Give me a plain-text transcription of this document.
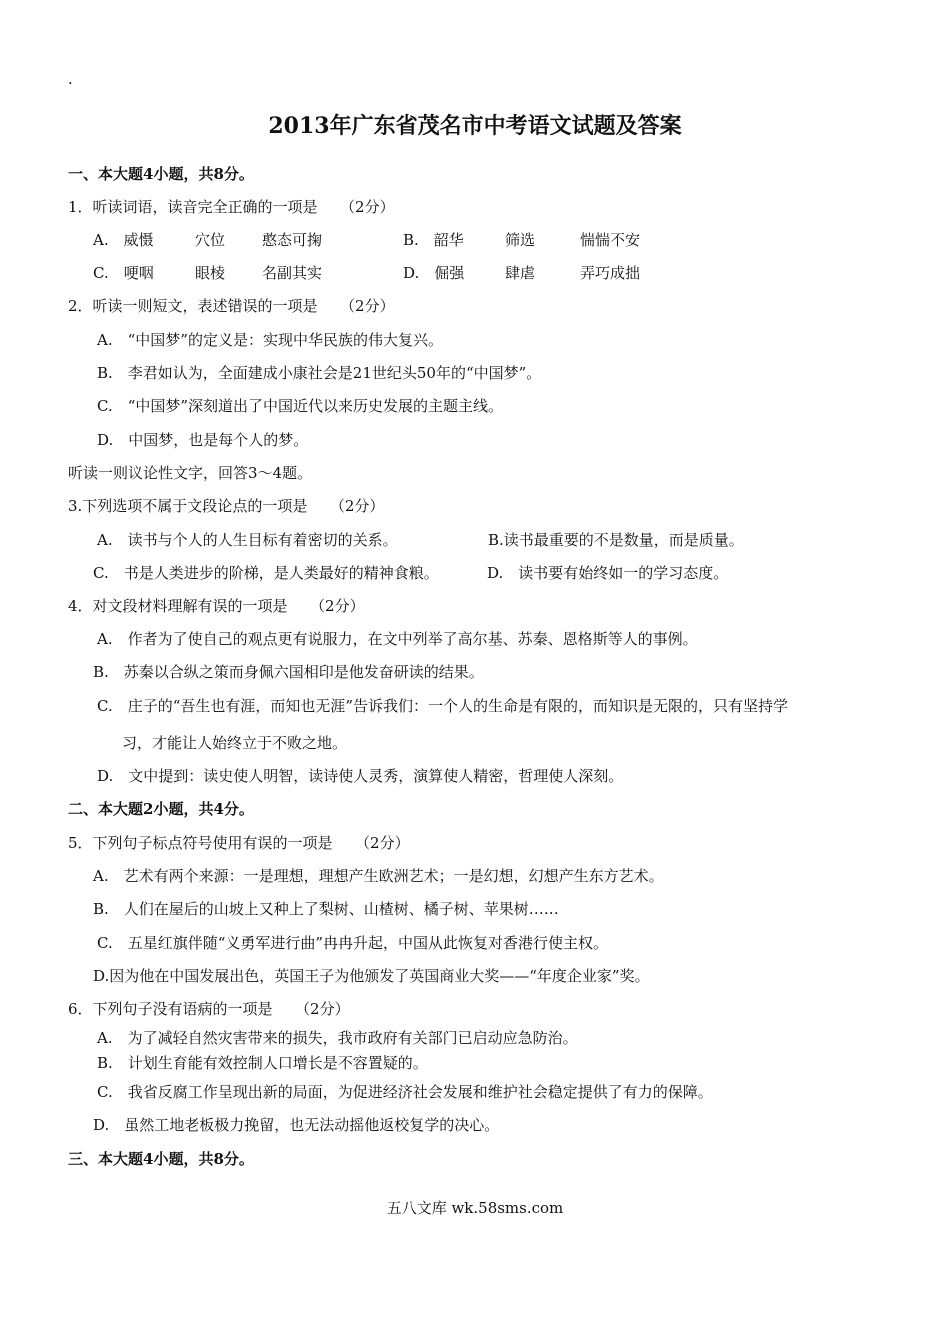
.
2013年广东省茂名市中考语文试题及答案
一、本大题4小题，共8分。
1．听读词语，读音完全正确的一项是　　（2分）
A.　威慑	穴位 憨态可掬	B.　韶华	筛选	惴惴不安
C.　哽咽	眼棱 名副其实	D.　倔强	肆虐	弄巧成拙
2．听读一则短文，表述错误的一项是　　（2分）
A.　“中国梦”的定义是：实现中华民族的伟大复兴。
B.　李君如认为，全面建成小康社会是21世纪头50年的“中国梦”。
C.　“中国梦”深刻道出了中国近代以来历史发展的主题主线。
D.　中国梦，也是每个人的梦。
听读一则议论性文字，回答3～4题。
3.下列选项不属于文段论点的一项是　　（2分）
A.　读书与个人的人生目标有着密切的关系。	B.读书最重要的不是数量，而是质量。
C.　书是人类进步的阶梯，是人类最好的精神食粮。	D.　读书要有始终如一的学习态度。
4．对文段材料理解有误的一项是　　（2分）
A.　作者为了使自己的观点更有说服力，在文中列举了高尔基、苏秦、恩格斯等人的事例。
B.　苏秦以合纵之策而身佩六国相印是他发奋研读的结果。
C.　庄子的“吾生也有涯，而知也无涯”告诉我们：一个人的生命是有限的，而知识是无限的，只有坚持学
习，才能让人始终立于不败之地。
D.　文中提到：读史使人明智，读诗使人灵秀，演算使人精密，哲理使人深刻。
二、本大题2小题，共4分。
5．下列句子标点符号使用有误的一项是　　（2分）
A.　艺术有两个来源：一是理想，理想产生欧洲艺术；一是幻想，幻想产生东方艺术。
B.　人们在屋后的山坡上又种上了梨树、山楂树、橘子树、苹果树……
C.　五星红旗伴随“义勇军进行曲”冉冉升起，中国从此恢复对香港行使主权。
D.因为他在中国发展出色，英国王子为他颁发了英国商业大奖——“年度企业家”奖。
6．下列句子没有语病的一项是　　（2分）
A.　为了减轻自然灾害带来的损失，我市政府有关部门已启动应急防治。
B.　计划生育能有效控制人口增长是不容置疑的。
C.　我省反腐工作呈现出新的局面，为促进经济社会发展和维护社会稳定提供了有力的保障。
D.　虽然工地老板极力挽留，也无法动摇他返校复学的决心。
三、本大题4小题，共8分。
五八文库 wk.58sms.com
